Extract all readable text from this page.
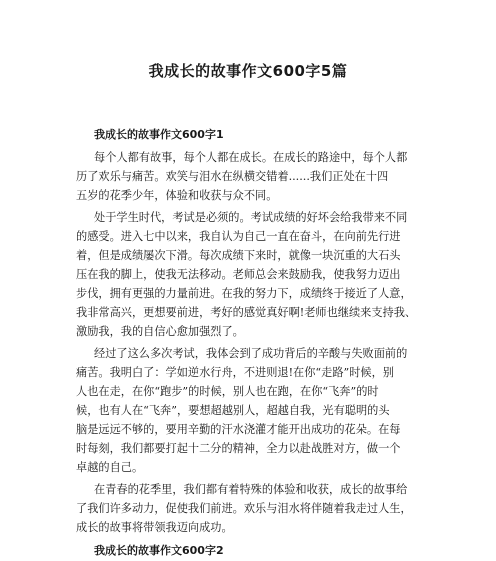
我成长的故事作文600字5篇
我成长的故事作文600字1
每个人都有故事，每个人都在成长。在成长的路途中，每个人都
历了欢乐与痛苦。欢笑与泪水在纵横交错着......我们正处在十四
五岁的花季少年，体验和收获与众不同。
处于学生时代，考试是必须的。考试成绩的好坏会给我带来不同
的感受。进入七中以来，我自认为自己一直在奋斗，在向前先行进
着，但是成绩屡次下滑。每次成绩下来时，就像一块沉重的大石头
压在我的脚上，使我无法移动。老师总会来鼓励我，使我努力迈出
步伐，拥有更强的力量前进。在我的努力下，成绩终于接近了人意，
我非常高兴，更想要前进，考好的感觉真好啊!老师也继续来支持我、
激励我，我的自信心愈加强烈了。
经过了这么多次考试，我体会到了成功背后的辛酸与失败面前的
痛苦。我明白了：学如逆水行舟，不进则退!在你“走路”时候，别
人也在走，在你“跑步”的时候，别人也在跑，在你“飞奔”的时
候，也有人在“飞奔”，要想超越别人，超越自我，光有聪明的头
脑是远远不够的，要用辛勤的汗水浇灌才能开出成功的花朵。在每
时每刻，我们都要打起十二分的精神，全力以赴战胜对方，做一个
卓越的自己。
在青春的花季里，我们都有着特殊的体验和收获，成长的故事给
了我们许多动力，促使我们前进。欢乐与泪水将伴随着我走过人生，
成长的故事将带领我迈向成功。
我成长的故事作文600字2
